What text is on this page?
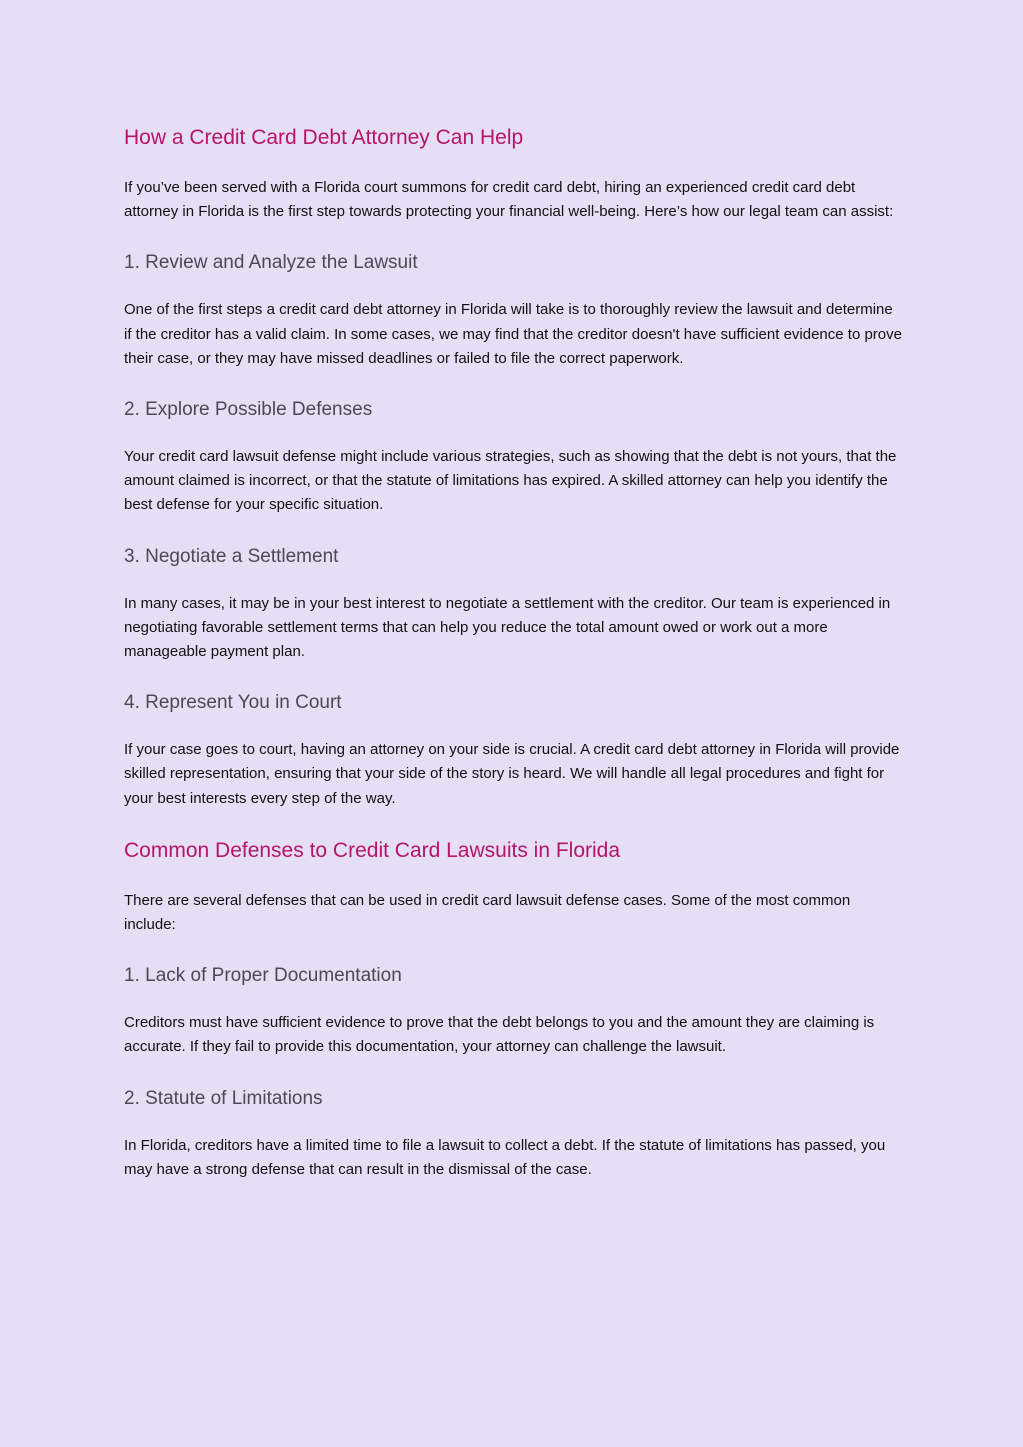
How a Credit Card Debt Attorney Can Help

If you’ve been served with a Florida court summons for credit card debt, hiring an experienced credit card debt attorney in Florida is the first step towards protecting your financial well-being. Here’s how our legal team can assist:

1. Review and Analyze the Lawsuit

One of the first steps a credit card debt attorney in Florida will take is to thoroughly review the lawsuit and determine if the creditor has a valid claim. In some cases, we may find that the creditor doesn't have sufficient evidence to prove their case, or they may have missed deadlines or failed to file the correct paperwork.

2. Explore Possible Defenses

Your credit card lawsuit defense might include various strategies, such as showing that the debt is not yours, that the amount claimed is incorrect, or that the statute of limitations has expired. A skilled attorney can help you identify the best defense for your specific situation.

3. Negotiate a Settlement

In many cases, it may be in your best interest to negotiate a settlement with the creditor. Our team is experienced in negotiating favorable settlement terms that can help you reduce the total amount owed or work out a more manageable payment plan.

4. Represent You in Court

If your case goes to court, having an attorney on your side is crucial. A credit card debt attorney in Florida will provide skilled representation, ensuring that your side of the story is heard. We will handle all legal procedures and fight for your best interests every step of the way.

Common Defenses to Credit Card Lawsuits in Florida

There are several defenses that can be used in credit card lawsuit defense cases. Some of the most common include:

1. Lack of Proper Documentation

Creditors must have sufficient evidence to prove that the debt belongs to you and the amount they are claiming is accurate. If they fail to provide this documentation, your attorney can challenge the lawsuit.

2. Statute of Limitations

In Florida, creditors have a limited time to file a lawsuit to collect a debt. If the statute of limitations has passed, you may have a strong defense that can result in the dismissal of the case.
